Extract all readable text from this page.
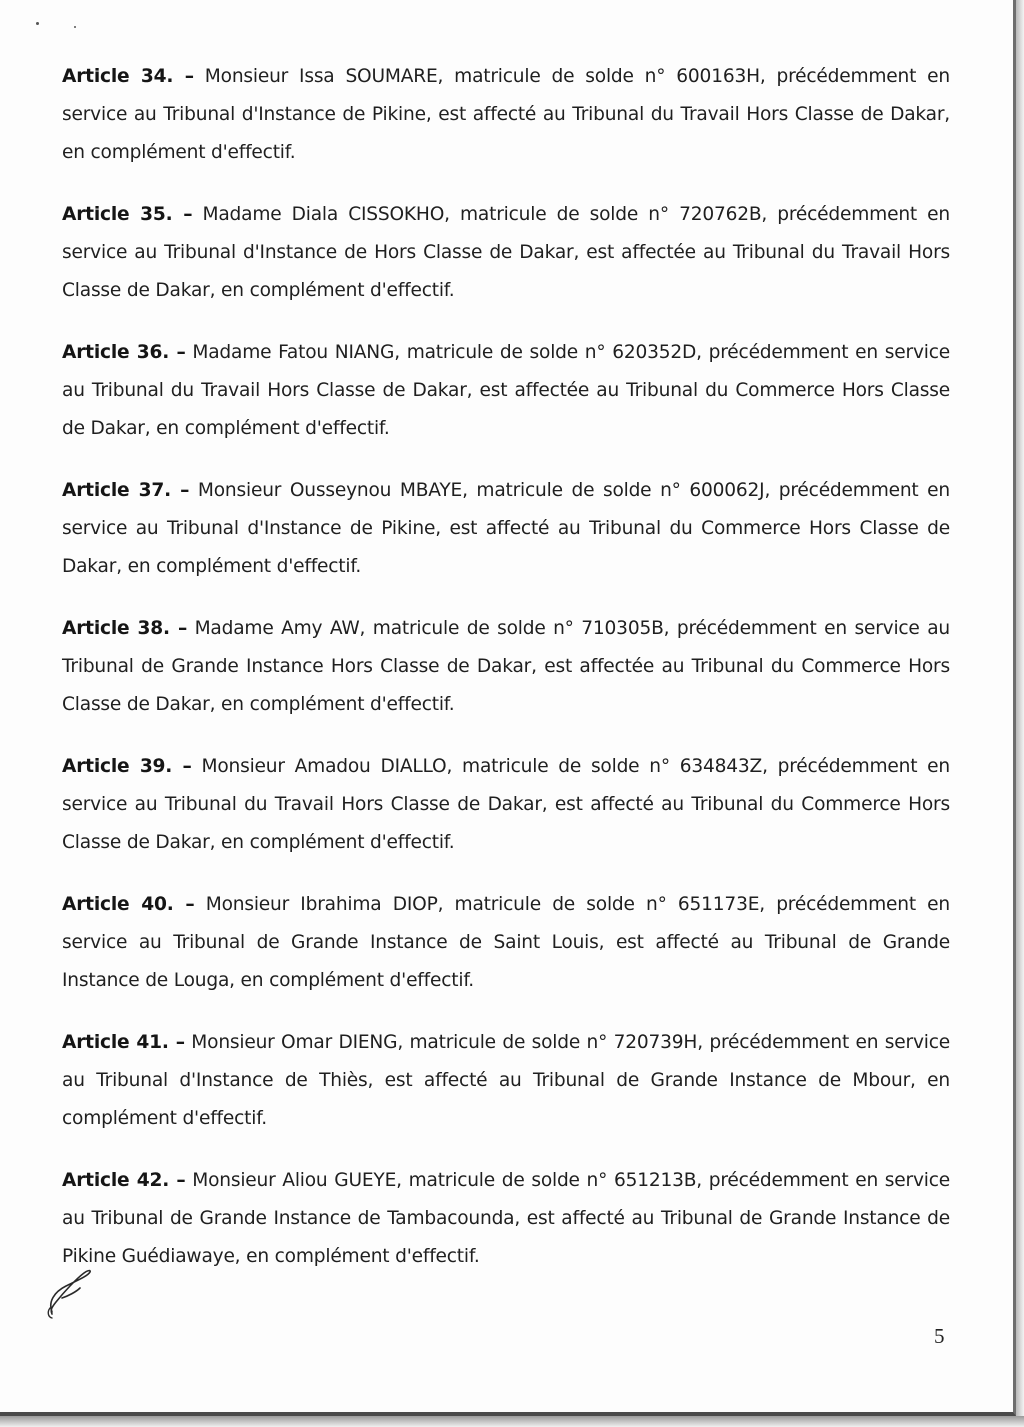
Article 34. – Monsieur Issa SOUMARE, matricule de solde n° 600163H, précédemment en service au Tribunal d'Instance de Pikine, est affecté au Tribunal du Travail Hors Classe de Dakar, en complément d'effectif.
Article 35. – Madame Diala CISSOKHO, matricule de solde n° 720762B, précédemment en service au Tribunal d'Instance de Hors Classe de Dakar, est affectée au Tribunal du Travail Hors Classe de Dakar, en complément d'effectif.
Article 36. – Madame Fatou NIANG, matricule de solde n° 620352D, précédemment en service au Tribunal du Travail Hors Classe de Dakar, est affectée au Tribunal du Commerce Hors Classe de Dakar, en complément d'effectif.
Article 37. – Monsieur Ousseynou MBAYE, matricule de solde n° 600062J, précédemment en service au Tribunal d'Instance de Pikine, est affecté au Tribunal du Commerce Hors Classe de Dakar, en complément d'effectif.
Article 38. – Madame Amy AW, matricule de solde n° 710305B, précédemment en service au Tribunal de Grande Instance Hors Classe de Dakar, est affectée au Tribunal du Commerce Hors Classe de Dakar, en complément d'effectif.
Article 39. – Monsieur Amadou DIALLO, matricule de solde n° 634843Z, précédemment en service au Tribunal du Travail Hors Classe de Dakar, est affecté au Tribunal du Commerce Hors Classe de Dakar, en complément d'effectif.
Article 40. – Monsieur Ibrahima DIOP, matricule de solde n° 651173E, précédemment en service au Tribunal de Grande Instance de Saint Louis, est affecté au Tribunal de Grande Instance de Louga, en complément d'effectif.
Article 41. – Monsieur Omar DIENG, matricule de solde n° 720739H, précédemment en service au Tribunal d'Instance de Thiès, est affecté au Tribunal de Grande Instance de Mbour, en complément d'effectif.
Article 42. – Monsieur Aliou GUEYE, matricule de solde n° 651213B, précédemment en service au Tribunal de Grande Instance de Tambacounda, est affecté au Tribunal de Grande Instance de Pikine Guédiawaye, en complément d'effectif.
5
